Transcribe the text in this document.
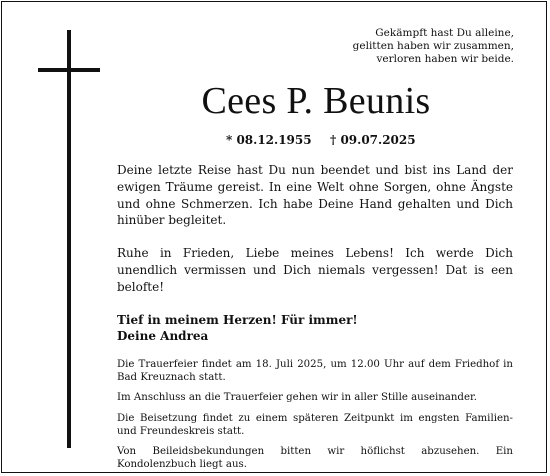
Gekämpft hast Du alleine,
gelitten haben wir zusammen,
verloren haben wir beide.
Cees P. Beunis
* 08.12.1955 † 09.07.2025

Deine letzte Reise hast Du nun beendet und bist ins Land der ewigen Träume gereist. In eine Welt ohne Sorgen, ohne Ängste und ohne Schmerzen. Ich habe Deine Hand gehalten und Dich hinüber begleitet.

Ruhe in Frieden, Liebe meines Lebens! Ich werde Dich unendlich vermissen und Dich niemals vergessen! Dat is een belofte!

Tief in meinem Herzen! Für immer!
Deine Andrea

Die Trauerfeier findet am 18. Juli 2025, um 12.00 Uhr auf dem Friedhof in Bad Kreuznach statt.

Im Anschluss an die Trauerfeier gehen wir in aller Stille auseinander.

Die Beisetzung findet zu einem späteren Zeitpunkt im engsten Familien- und Freundeskreis statt.

Von Beileidsbekundungen bitten wir höflichst abzusehen. Ein Kondolenzbuch liegt aus.
